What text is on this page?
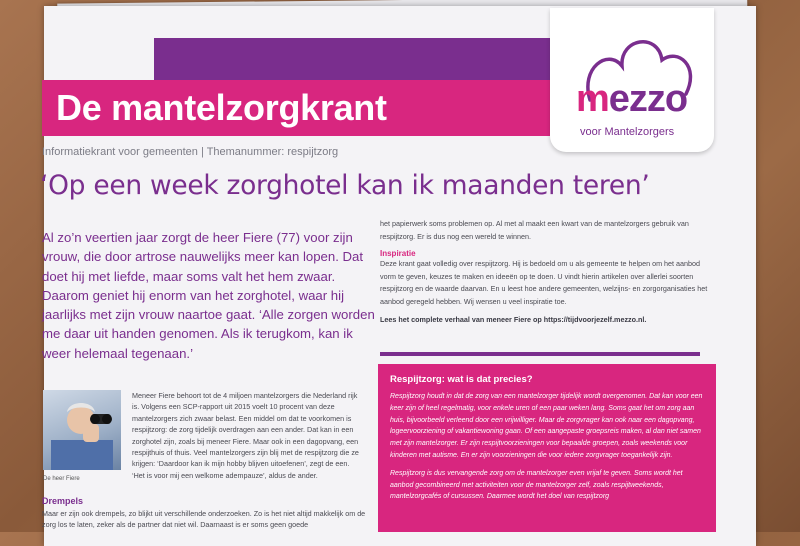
De mantelzorgkrant	mezzo
voor Mantelzorgers
Informatiekrant voor gemeenten | Themanummer: respijtzorg
‘Op een week zorghotel kan ik maanden teren’

Al zo’n veertien jaar zorgt de heer Fiere (77) voor zijn vrouw, die door artrose nauwelijks meer kan lopen. Dat doet hij met liefde, maar soms valt het hem zwaar. Daarom geniet hij enorm van het zorghotel, waar hij jaarlijks met zijn vrouw naartoe gaat. ‘Alle zorgen worden me daar uit handen genomen. Als ik terugkom, kan ik weer helemaal tegenaan.’

het papierwerk soms problemen op. Al met al maakt een kwart van de mantelzorgers gebruik van respijtzorg. Er is dus nog een wereld te winnen.

Inspiratie

Deze krant gaat volledig over respijtzorg. Hij is bedoeld om u als gemeente te helpen om het aanbod vorm te geven, keuzes te maken en ideeën op te doen. U vindt hierin artikelen over allerlei soorten respijtzorg en de waarde daarvan. En u leest hoe andere gemeenten, welzijns- en zorgorganisaties het aanbod geregeld hebben. Wij wensen u veel inspiratie toe.

Lees het complete verhaal van meneer Fiere op https://tijdvoorjezelf.mezzo.nl.

De heer Fiere

Meneer Fiere behoort tot de 4 miljoen mantelzorgers die Nederland rijk is. Volgens een SCP-rapport uit 2015 voelt 10 procent van deze mantelzorgers zich zwaar belast. Een middel om dat te voorkomen is respijtzorg: de zorg tijdelijk overdragen aan een ander. Dat kan in een zorghotel zijn, zoals bij meneer Fiere. Maar ook in een dagopvang, een respijthuis of thuis. Veel mantelzorgers zijn blij met de respijtzorg die ze krijgen: ‘Daardoor kan ik mijn hobby blijven uitoefenen’, zegt de een. ‘Het is voor mij een welkome adempauze’, aldus de ander.

Drempels

Maar er zijn ook drempels, zo blijkt uit verschillende onderzoeken. Zo is het niet altijd makkelijk om de zorg los te laten, zeker als de partner dat niet wil. Daarnaast is er soms geen goede

Respijtzorg: wat is dat precies?

Respijtzorg houdt in dat de zorg van een mantelzorger tijdelijk wordt overgenomen. Dat kan voor een keer zijn of heel regelmatig, voor enkele uren of een paar weken lang. Soms gaat het om zorg aan huis, bijvoorbeeld verleend door een vrijwilliger. Maar de zorgvrager kan ook naar een dagopvang, logeervoorziening of vakantiewoning gaan. Of een aangepaste groepsreis maken, al dan niet samen met zijn mantelzorger. Er zijn respijtvoorzieningen voor bepaalde groepen, zoals weekends voor kinderen met autisme. En er zijn voorzieningen die voor iedere zorgvrager toegankelijk zijn.

Respijtzorg is dus vervangende zorg om de mantelzorger even vrijaf te geven. Soms wordt het aanbod gecombineerd met activiteiten voor de mantelzorger zelf, zoals respijtweekends, mantelzorgcafés of cursussen. Daarmee wordt het doel van respijtzorg
